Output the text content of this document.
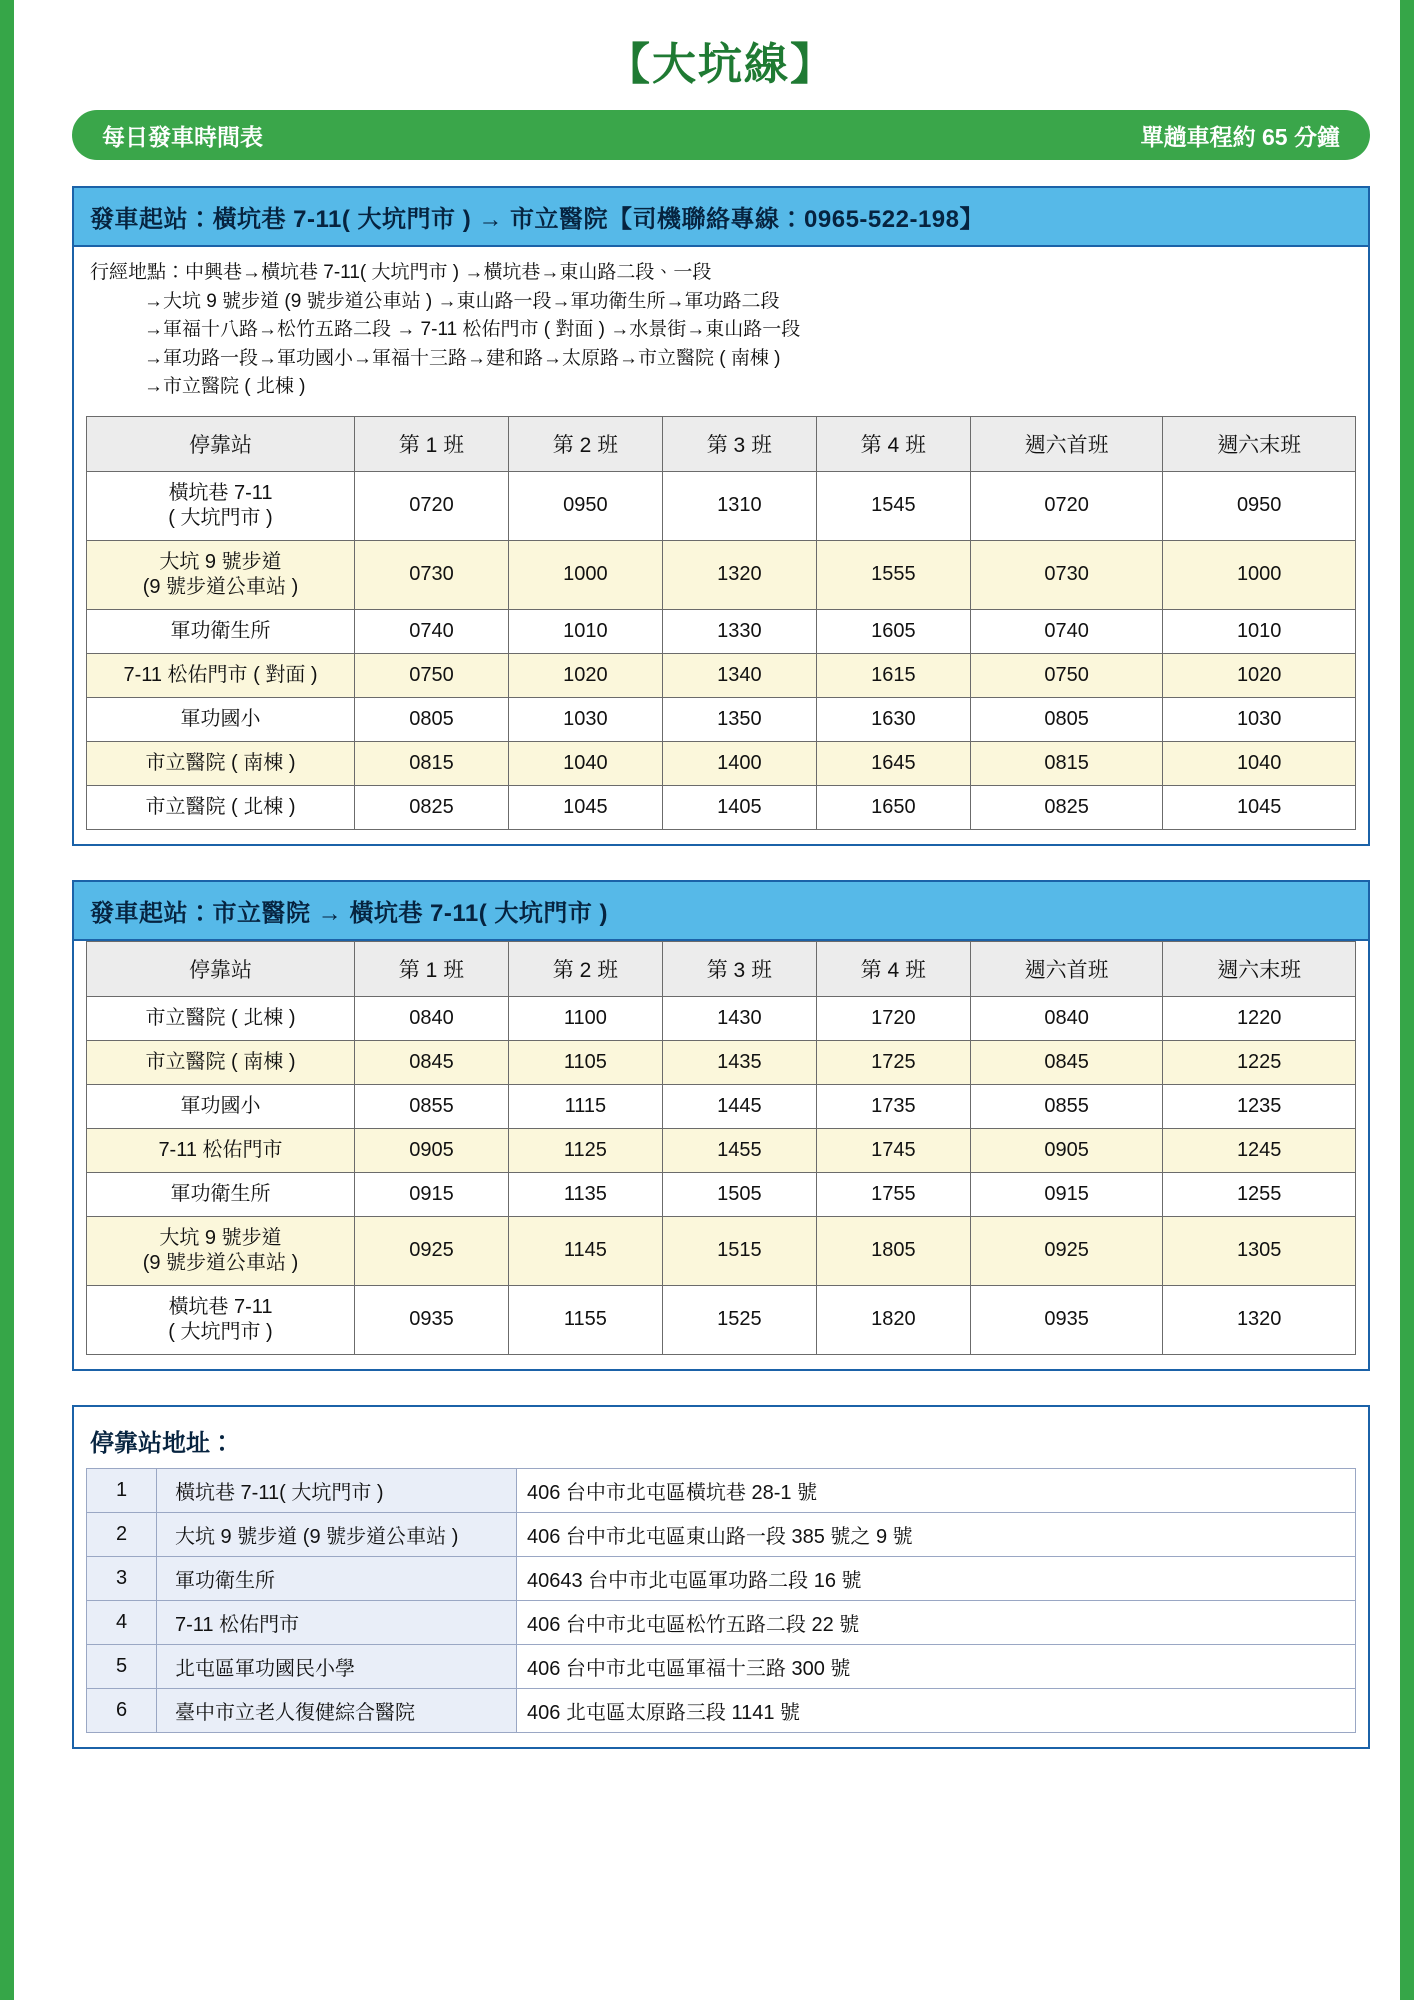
【大坑線】
每日發車時間表	單趟車程約 65 分鐘
發車起站：橫坑巷 7-11( 大坑門市 ) → 市立醫院【司機聯絡專線：0965-522-198】
行經地點：中興巷→橫坑巷 7-11( 大坑門市 ) →橫坑巷→東山路二段、一段
→大坑 9 號步道 (9 號步道公車站 ) →東山路一段→軍功衛生所→軍功路二段
→軍福十八路→松竹五路二段 → 7-11 松佑門市 ( 對面 ) →水景街→東山路一段
→軍功路一段→軍功國小→軍福十三路→建和路→太原路→市立醫院 ( 南棟 )
→市立醫院 ( 北棟 )
停靠站	第 1 班	第 2 班	第 3 班	第 4 班	週六首班	週六末班
橫坑巷 7-11
( 大坑門市 )	0720	0950	1310	1545	0720	0950
大坑 9 號步道
(9 號步道公車站 )	0730	1000	1320	1555	0730	1000
軍功衛生所	0740	1010	1330	1605	0740	1010
7-11 松佑門市 ( 對面 )	0750	1020	1340	1615	0750	1020
軍功國小	0805	1030	1350	1630	0805	1030
市立醫院 ( 南棟 )	0815	1040	1400	1645	0815	1040
市立醫院 ( 北棟 )	0825	1045	1405	1650	0825	1045
發車起站：市立醫院 → 橫坑巷 7-11( 大坑門市 )
停靠站	第 1 班	第 2 班	第 3 班	第 4 班	週六首班	週六末班
市立醫院 ( 北棟 )	0840	1100	1430	1720	0840	1220
市立醫院 ( 南棟 )	0845	1105	1435	1725	0845	1225
軍功國小	0855	1115	1445	1735	0855	1235
7-11 松佑門市	0905	1125	1455	1745	0905	1245
軍功衛生所	0915	1135	1505	1755	0915	1255
大坑 9 號步道
(9 號步道公車站 )	0925	1145	1515	1805	0925	1305
橫坑巷 7-11
( 大坑門市 )	0935	1155	1525	1820	0935	1320
停靠站地址：
1	橫坑巷 7-11( 大坑門市 )	406 台中市北屯區橫坑巷 28-1 號
2	大坑 9 號步道 (9 號步道公車站 )	406 台中市北屯區東山路一段 385 號之 9 號
3	軍功衛生所	40643 台中市北屯區軍功路二段 16 號
4	7-11 松佑門市	406 台中市北屯區松竹五路二段 22 號
5	北屯區軍功國民小學	406 台中市北屯區軍福十三路 300 號
6	臺中市立老人復健綜合醫院	406 北屯區太原路三段 1141 號
